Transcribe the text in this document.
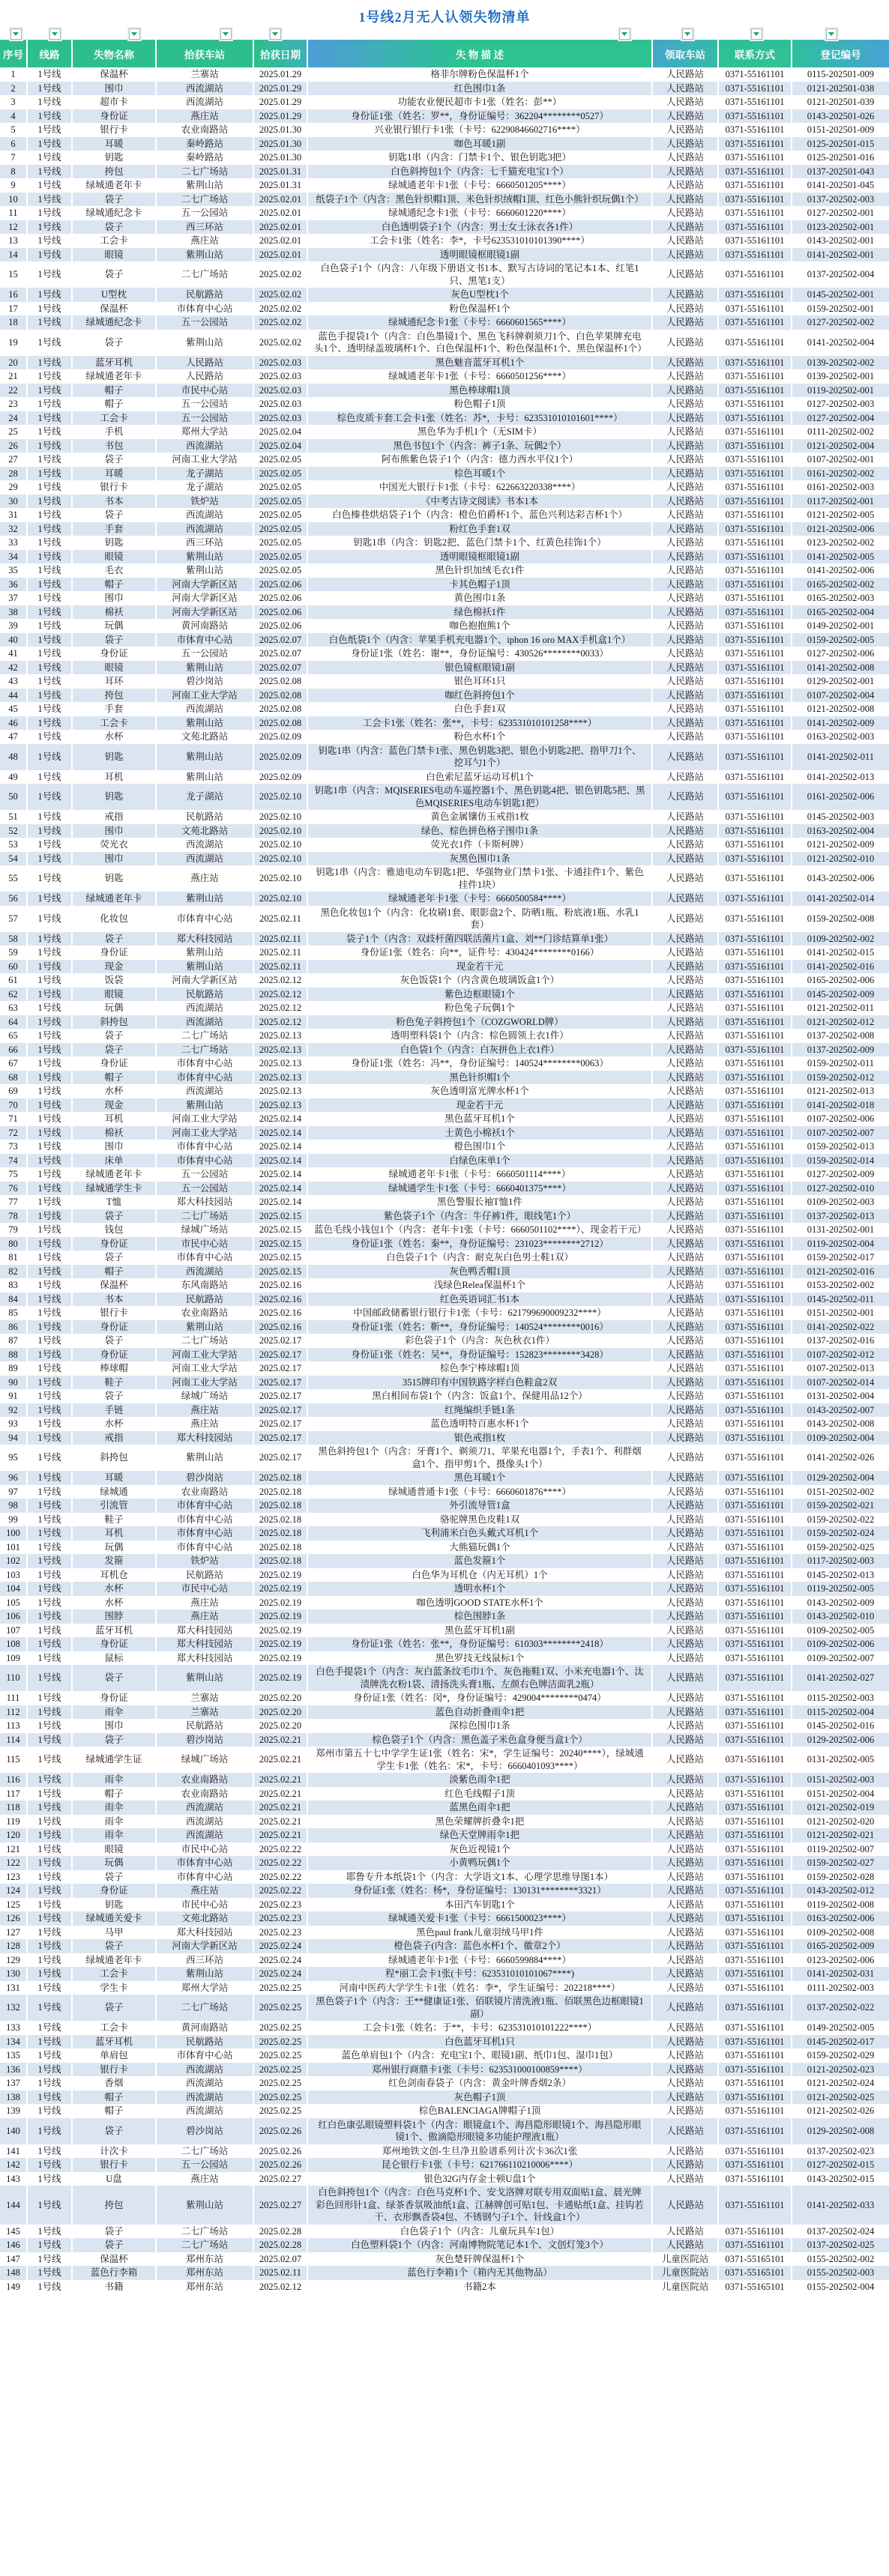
1号线2月无人认领失物清单
序号	线路	失物名称	拾获车站	拾获日期	失 物 描 述	领取车站	联系方式	登记编号
1	1号线	保温杯	兰寨站	2025.01.29	格非尔牌粉色保温杯1个	人民路站	0371-55161101	0115-202501-009
2	1号线	围巾	西流湖站	2025.01.29	红色围巾1条	人民路站	0371-55161101	0121-202501-038
3	1号线	超市卡	西流湖站	2025.01.29	功能农业便民超市卡1张（姓名：彭**）	人民路站	0371-55161101	0121-202501-039
4	1号线	身份证	燕庄站	2025.01.29	身份证1张（姓名：罗**，身份证编号：362204********0527）	人民路站	0371-55161101	0143-202501-026
5	1号线	银行卡	农业南路站	2025.01.30	兴业银行银行卡1张（卡号：62290846602716****）	人民路站	0371-55161101	0151-202501-009
6	1号线	耳暖	秦岭路站	2025.01.30	咖色耳暖1副	人民路站	0371-55161101	0125-202501-015
7	1号线	钥匙	秦岭路站	2025.01.30	钥匙1串（内含：门禁卡1个、银色钥匙3把）	人民路站	0371-55161101	0125-202501-016
8	1号线	挎包	二七广场站	2025.01.31	白色斜挎包1个（内含：七千猫充电宝1个）	人民路站	0371-55161101	0137-202501-043
9	1号线	绿城通老年卡	紫荆山站	2025.01.31	绿城通老年卡1张（卡号：6660501205****）	人民路站	0371-55161101	0141-202501-045
10	1号线	袋子	二七广场站	2025.02.01	纸袋子1个（内含：黑色针织帽1顶、米色针织绒帽1顶、红色小熊针织玩偶1个）	人民路站	0371-55161101	0137-202502-003
11	1号线	绿城通纪念卡	五一公园站	2025.02.01	绿城通纪念卡1张（卡号：6660601220****）	人民路站	0371-55161101	0127-202502-001
12	1号线	袋子	西三环站	2025.02.01	白色透明袋子1个（内含：男士女士泳衣各1件）	人民路站	0371-55161101	0123-202502-001
13	1号线	工会卡	燕庄站	2025.02.01	工会卡1张（姓名：李*，卡号623531010101390****）	人民路站	0371-55161101	0143-202502-001
14	1号线	眼镜	紫荆山站	2025.02.01	透明眼镜框眼镜1副	人民路站	0371-55161101	0141-202502-001
15	1号线	袋子	二七广场站	2025.02.02	白色袋子1个（内含：八年级下册语文书1本、默写古诗词的笔记本1本、红笔1只、黑笔1支）	人民路站	0371-55161101	0137-202502-004
16	1号线	U型枕	民航路站	2025.02.02	灰色U型枕1个	人民路站	0371-55161101	0145-202502-001
17	1号线	保温杯	市体育中心站	2025.02.02	粉色保温杯1个	人民路站	0371-55161101	0159-202502-001
18	1号线	绿城通纪念卡	五一公园站	2025.02.02	绿城通纪念卡1张（卡号：6660601565****）	人民路站	0371-55161101	0127-202502-002
19	1号线	袋子	紫荆山站	2025.02.02	蓝色手提袋1个（内含：白色墨镜1个、黑色飞科牌剃须刀1个、白色苹果牌充电头1个、透明绿盖玻璃杯1个、白色保温杯1个、粉色保温杯1个、黑色保温杯1个）	人民路站	0371-55161101	0141-202502-004
20	1号线	蓝牙耳机	人民路站	2025.02.03	黑色魅音蓝牙耳机1个	人民路站	0371-55161101	0139-202502-002
21	1号线	绿城通老年卡	人民路站	2025.02.03	绿城通老年卡1张（卡号：6660501256****）	人民路站	0371-55161101	0139-202502-001
22	1号线	帽子	市民中心站	2025.02.03	黑色棒球帽1顶	人民路站	0371-55161101	0119-202502-001
23	1号线	帽子	五一公园站	2025.02.03	粉色帽子1顶	人民路站	0371-55161101	0127-202502-003
24	1号线	工会卡	五一公园站	2025.02.03	棕色皮质卡套工会卡1张（姓名：苏*，卡号：623531010101601****）	人民路站	0371-55161101	0127-202502-004
25	1号线	手机	郑州大学站	2025.02.04	黑色华为手机1个（无SIM卡）	人民路站	0371-55161101	0111-202502-002
26	1号线	书包	西流湖站	2025.02.04	黑色书包1个（内含：裤子1条、玩偶2个）	人民路站	0371-55161101	0121-202502-004
27	1号线	袋子	河南工业大学站	2025.02.05	阿布熊紫色袋子1个（内含：德力西水平仪1个）	人民路站	0371-55161101	0107-202502-001
28	1号线	耳暖	龙子湖站	2025.02.05	棕色耳暖1个	人民路站	0371-55161101	0161-202502-002
29	1号线	银行卡	龙子湖站	2025.02.05	中国光大银行卡1张（卡号：622663220338****）	人民路站	0371-55161101	0161-202502-003
30	1号线	书本	铁炉站	2025.02.05	《中考古诗文阅读》书本1本	人民路站	0371-55161101	0117-202502-001
31	1号线	袋子	西流湖站	2025.02.05	白色榛巷烘焙袋子1个（内含：橙色伯爵杯1个、蓝色兴利达彩吉杯1个）	人民路站	0371-55161101	0121-202502-005
32	1号线	手套	西流湖站	2025.02.05	粉红色手套1双	人民路站	0371-55161101	0121-202502-006
33	1号线	钥匙	西三环站	2025.02.05	钥匙1串（内含：钥匙2把、蓝色门禁卡1个、红黄色挂饰1个）	人民路站	0371-55161101	0123-202502-002
34	1号线	眼镜	紫荆山站	2025.02.05	透明眼镜框眼镜1副	人民路站	0371-55161101	0141-202502-005
35	1号线	毛衣	紫荆山站	2025.02.05	黑色针织加绒毛衣1件	人民路站	0371-55161101	0141-202502-006
36	1号线	帽子	河南大学新区站	2025.02.06	卡其色帽子1顶	人民路站	0371-55161101	0165-202502-002
37	1号线	围巾	河南大学新区站	2025.02.06	黄色围巾1条	人民路站	0371-55161101	0165-202502-003
38	1号线	棉袄	河南大学新区站	2025.02.06	绿色棉袄1件	人民路站	0371-55161101	0165-202502-004
39	1号线	玩偶	黄河南路站	2025.02.06	咖色抱抱熊1个	人民路站	0371-55161101	0149-202502-001
40	1号线	袋子	市体育中心站	2025.02.07	白色纸袋1个（内含：苹果手机充电器1个、iphon 16 oro MAX手机盒1个）	人民路站	0371-55161101	0159-202502-005
41	1号线	身份证	五一公园站	2025.02.07	身份证1张（姓名：谢**，身份证编号：430526********0033）	人民路站	0371-55161101	0127-202502-006
42	1号线	眼镜	紫荆山站	2025.02.07	银色镜框眼镜1副	人民路站	0371-55161101	0141-202502-008
43	1号线	耳环	碧沙岗站	2025.02.08	银色耳环1只	人民路站	0371-55161101	0129-202502-001
44	1号线	挎包	河南工业大学站	2025.02.08	咖红色斜挎包1个	人民路站	0371-55161101	0107-202502-004
45	1号线	手套	西流湖站	2025.02.08	白色手套1双	人民路站	0371-55161101	0121-202502-008
46	1号线	工会卡	紫荆山站	2025.02.08	工会卡1张（姓名：张**，卡号：623531010101258****）	人民路站	0371-55161101	0141-202502-009
47	1号线	水杯	文苑北路站	2025.02.09	粉色水杯1个	人民路站	0371-55161101	0163-202502-003
48	1号线	钥匙	紫荆山站	2025.02.09	钥匙1串（内含：蓝色门禁卡1张、黑色钥匙3把、银色小钥匙2把、指甲刀1个、挖耳勺1个）	人民路站	0371-55161101	0141-202502-011
49	1号线	耳机	紫荆山站	2025.02.09	白色索尼蓝牙运动耳机1个	人民路站	0371-55161101	0141-202502-013
50	1号线	钥匙	龙子湖站	2025.02.10	钥匙1串（内含：MQISERIES电动车遥控器1个、黑色钥匙4把、银色钥匙5把、黑色MQISERIES电动车钥匙1把）	人民路站	0371-55161101	0161-202502-006
51	1号线	戒指	民航路站	2025.02.10	黄色金属镶仿玉戒指1枚	人民路站	0371-55161101	0145-202502-003
52	1号线	围巾	文苑北路站	2025.02.10	绿色、棕色拼色格子围巾1条	人民路站	0371-55161101	0163-202502-004
53	1号线	荧光衣	西流湖站	2025.02.10	荧光衣1件（卡斯柯牌）	人民路站	0371-55161101	0121-202502-009
54	1号线	围巾	西流湖站	2025.02.10	灰黑色围巾1条	人民路站	0371-55161101	0121-202502-010
55	1号线	钥匙	燕庄站	2025.02.10	钥匙1串（内含：雅迪电动车钥匙1把、华强物业门禁卡1张、卡通挂件1个、紫色挂件1块）	人民路站	0371-55161101	0143-202502-006
56	1号线	绿城通老年卡	紫荆山站	2025.02.10	绿城通老年卡1张（卡号：6660500584****）	人民路站	0371-55161101	0141-202502-014
57	1号线	化妆包	市体育中心站	2025.02.11	黑色化妆包1个（内含：化妆刷1套、眼影盘2个、防晒1瓶、粉底液1瓶、水乳1套）	人民路站	0371-55161101	0159-202502-008
58	1号线	袋子	郑大科技园站	2025.02.11	袋子1个（内含：双歧杆菌四联活菌片1盒、刘**门诊结算单1张）	人民路站	0371-55161101	0109-202502-002
59	1号线	身份证	紫荆山站	2025.02.11	身份证1张（姓名：向**，证件号：430424********0166）	人民路站	0371-55161101	0141-202502-015
60	1号线	现金	紫荆山站	2025.02.11	现金若干元	人民路站	0371-55161101	0141-202502-016
61	1号线	饭袋	河南大学新区站	2025.02.12	灰色饭袋1个（内含黄色玻璃饭盒1个）	人民路站	0371-55161101	0165-202502-006
62	1号线	眼镜	民航路站	2025.02.12	紫色边框眼镜1个	人民路站	0371-55161101	0145-202502-009
63	1号线	玩偶	西流湖站	2025.02.12	粉色兔子玩偶1个	人民路站	0371-55161101	0121-202502-011
64	1号线	斜挎包	西流湖站	2025.02.12	粉色兔子斜挎包1个（COZGWORLD牌）	人民路站	0371-55161101	0121-202502-012
65	1号线	袋子	二七广场站	2025.02.13	透明塑料袋1个（内含：棕色圆领上衣1件）	人民路站	0371-55161101	0137-202502-008
66	1号线	袋子	二七广场站	2025.02.13	白色袋1个（内含：白灰拼色上衣1件）	人民路站	0371-55161101	0137-202502-009
67	1号线	身份证	市体育中心站	2025.02.13	身份证1张（姓名：冯**，身份证编号：140524********0063）	人民路站	0371-55161101	0159-202502-011
68	1号线	帽子	市体育中心站	2025.02.13	黑色针织帽1个	人民路站	0371-55161101	0159-202502-012
69	1号线	水杯	西流湖站	2025.02.13	灰色透明富光牌水杯1个	人民路站	0371-55161101	0121-202502-013
70	1号线	现金	紫荆山站	2025.02.13	现金若干元	人民路站	0371-55161101	0141-202502-018
71	1号线	耳机	河南工业大学站	2025.02.14	黑色蓝牙耳机1个	人民路站	0371-55161101	0107-202502-006
72	1号线	棉袄	河南工业大学站	2025.02.14	土黄色小棉袄1个	人民路站	0371-55161101	0107-202502-007
73	1号线	围巾	市体育中心站	2025.02.14	橙色围巾1个	人民路站	0371-55161101	0159-202502-013
74	1号线	床单	市体育中心站	2025.02.14	白绿色床单1个	人民路站	0371-55161101	0159-202502-014
75	1号线	绿城通老年卡	五一公园站	2025.02.14	绿城通老年卡1张（卡号：6660501114****）	人民路站	0371-55161101	0127-202502-009
76	1号线	绿城通学生卡	五一公园站	2025.02.14	绿城通学生卡1张（卡号：6660401375****）	人民路站	0371-55161101	0127-202502-010
77	1号线	T恤	郑大科技园站	2025.02.14	黑色警服长袖T恤1件	人民路站	0371-55161101	0109-202502-003
78	1号线	袋子	二七广场站	2025.02.15	紫色袋子1个（内含：牛仔裤1件，眼线笔1个）	人民路站	0371-55161101	0137-202502-013
79	1号线	钱包	绿城广场站	2025.02.15	蓝色毛线小钱包1个（内含：老年卡1张（卡号：6660501102****）、现金若干元）	人民路站	0371-55161101	0131-202502-001
80	1号线	身份证	市民中心站	2025.02.15	身份证1张（姓名：秦**，身份证编号：231023********2712）	人民路站	0371-55161101	0119-202502-004
81	1号线	袋子	市体育中心站	2025.02.15	白色袋子1个（内含：耐克灰白色男士鞋1双）	人民路站	0371-55161101	0159-202502-017
82	1号线	帽子	西流湖站	2025.02.15	灰色鸭舌帽1顶	人民路站	0371-55161101	0121-202502-016
83	1号线	保温杯	东风南路站	2025.02.16	浅绿色Relea保温杯1个	人民路站	0371-55161101	0153-202502-002
84	1号线	书本	民航路站	2025.02.16	红色英语词汇书1本	人民路站	0371-55161101	0145-202502-011
85	1号线	银行卡	农业南路站	2025.02.16	中国邮政储蓄银行银行卡1张（卡号：621799690009232****）	人民路站	0371-55161101	0151-202502-001
86	1号线	身份证	紫荆山站	2025.02.16	身份证1张（姓名：靳**，身份证编号：140524********0016）	人民路站	0371-55161101	0141-202502-022
87	1号线	袋子	二七广场站	2025.02.17	彩色袋子1个（内含：灰色秋衣1件）	人民路站	0371-55161101	0137-202502-016
88	1号线	身份证	河南工业大学站	2025.02.17	身份证1张（姓名：吴**，身份证编号：152823********3428）	人民路站	0371-55161101	0107-202502-012
89	1号线	棒球帽	河南工业大学站	2025.02.17	棕色李宁棒球帽1顶	人民路站	0371-55161101	0107-202502-013
90	1号线	鞋子	河南工业大学站	2025.02.17	3515牌印有中国铁路字样白色鞋盒2双	人民路站	0371-55161101	0107-202502-014
91	1号线	袋子	绿城广场站	2025.02.17	黑白相间布袋1个（内含：饭盒1个、保健用品12个）	人民路站	0371-55161101	0131-202502-004
92	1号线	手链	燕庄站	2025.02.17	红绳编织手链1条	人民路站	0371-55161101	0143-202502-007
93	1号线	水杯	燕庄站	2025.02.17	蓝色透明特百惠水杯1个	人民路站	0371-55161101	0143-202502-008
94	1号线	戒指	郑大科技园站	2025.02.17	银色戒指1枚	人民路站	0371-55161101	0109-202502-004
95	1号线	斜挎包	紫荆山站	2025.02.17	黑色斜挎包1个（内含：牙膏1个、剃须刀1、苹果充电器1个，手表1个、利群烟盒1个、指甲剪1个、摄像头1个）	人民路站	0371-55161101	0141-202502-026
96	1号线	耳暖	碧沙岗站	2025.02.18	黑色耳暖1个	人民路站	0371-55161101	0129-202502-004
97	1号线	绿城通	农业南路站	2025.02.18	绿城通普通卡1张（卡号：6660601876****）	人民路站	0371-55161101	0151-202502-002
98	1号线	引流管	市体育中心站	2025.02.18	外引流导管1盒	人民路站	0371-55161101	0159-202502-021
99	1号线	鞋子	市体育中心站	2025.02.18	骆驼牌黑色皮鞋1双	人民路站	0371-55161101	0159-202502-022
100	1号线	耳机	市体育中心站	2025.02.18	飞利浦米白色头戴式耳机1个	人民路站	0371-55161101	0159-202502-024
101	1号线	玩偶	市体育中心站	2025.02.18	大熊猫玩偶1个	人民路站	0371-55161101	0159-202502-025
102	1号线	发箍	铁炉站	2025.02.18	蓝色发箍1个	人民路站	0371-55161101	0117-202502-003
103	1号线	耳机仓	民航路站	2025.02.19	白色华为耳机仓（内无耳机）1个	人民路站	0371-55161101	0145-202502-013
104	1号线	水杯	市民中心站	2025.02.19	透明水杯1个	人民路站	0371-55161101	0119-202502-005
105	1号线	水杯	燕庄站	2025.02.19	咖色透明GOOD STATE水杯1个	人民路站	0371-55161101	0143-202502-009
106	1号线	围脖	燕庄站	2025.02.19	棕色围脖1条	人民路站	0371-55161101	0143-202502-010
107	1号线	蓝牙耳机	郑大科技园站	2025.02.19	黑色蓝牙耳机1副	人民路站	0371-55161101	0109-202502-005
108	1号线	身份证	郑大科技园站	2025.02.19	身份证1张（姓名：张**，身份证编号：610303********2418）	人民路站	0371-55161101	0109-202502-006
109	1号线	鼠标	郑大科技园站	2025.02.19	黑色罗技无线鼠标1个	人民路站	0371-55161101	0109-202502-007
110	1号线	袋子	紫荆山站	2025.02.19	白色手提袋1个（内含：灰白蓝条纹毛巾1个、灰色拖鞋1双、小米充电器1个、汰渍牌洗衣粉1袋、清扬洗头膏1瓶、左颜右色牌洁面乳2瓶）	人民路站	0371-55161101	0141-202502-027
111	1号线	身份证	兰寨站	2025.02.20	身份证1张（姓名：闵*，身份证编号：429004********0474）	人民路站	0371-55161101	0115-202502-003
112	1号线	雨伞	兰寨站	2025.02.20	蓝色自动折叠雨伞1把	人民路站	0371-55161101	0115-202502-004
113	1号线	围巾	民航路站	2025.02.20	深棕色围巾1条	人民路站	0371-55161101	0145-202502-016
114	1号线	袋子	碧沙岗站	2025.02.21	棕色袋子1个（内含：黑色盖子米色盒身便当盒1个）	人民路站	0371-55161101	0129-202502-006
115	1号线	绿城通学生证	绿城广场站	2025.02.21	郑州市第五十七中学学生证1张（姓名：宋*，学生证编号：20240****），绿城通学生卡1张（姓名：宋*，卡号：6660401093****）	人民路站	0371-55161101	0131-202502-005
116	1号线	雨伞	农业南路站	2025.02.21	淡紫色雨伞1把	人民路站	0371-55161101	0151-202502-003
117	1号线	帽子	农业南路站	2025.02.21	红色毛线帽子1顶	人民路站	0371-55161101	0151-202502-004
118	1号线	雨伞	西流湖站	2025.02.21	蓝黑色雨伞1把	人民路站	0371-55161101	0121-202502-019
119	1号线	雨伞	西流湖站	2025.02.21	黑色荣耀牌折叠伞1把	人民路站	0371-55161101	0121-202502-020
120	1号线	雨伞	西流湖站	2025.02.21	绿色天堂牌雨伞1把	人民路站	0371-55161101	0121-202502-021
121	1号线	眼镜	市民中心站	2025.02.22	灰色近视镜1个	人民路站	0371-55161101	0119-202502-007
122	1号线	玩偶	市体育中心站	2025.02.22	小黄鸭玩偶1个	人民路站	0371-55161101	0159-202502-027
123	1号线	袋子	市体育中心站	2025.02.22	耶鲁专升本纸袋1个（内含：大学语文1本、心理学思维导图1本）	人民路站	0371-55161101	0159-202502-028
124	1号线	身份证	燕庄站	2025.02.22	身份证1张（姓名：杨*，身份证编号：130131********3321）	人民路站	0371-55161101	0143-202502-012
125	1号线	钥匙	市民中心站	2025.02.23	本田汽车钥匙1个	人民路站	0371-55161101	0119-202502-008
126	1号线	绿城通关爱卡	文苑北路站	2025.02.23	绿城通关爱卡1张（卡号：6661500023****）	人民路站	0371-55161101	0163-202502-006
127	1号线	马甲	郑大科技园站	2025.02.23	黑色paul frank儿童羽绒马甲1件	人民路站	0371-55161101	0109-202502-008
128	1号线	袋子	河南大学新区站	2025.02.24	橙色袋子(内含：蓝色水杯1个、徽章2个）	人民路站	0371-55161101	0165-202502-009
129	1号线	绿城通老年卡	西三环站	2025.02.24	绿城通老年卡1张（卡号：6660599884****）	人民路站	0371-55161101	0123-202502-006
130	1号线	工会卡	紫荆山站	2025.02.24	程*丽工会卡1张(卡号：623531010101067****)	人民路站	0371-55161101	0141-202502-031
131	1号线	学生卡	郑州大学站	2025.02.25	河南中医药大学学生卡1张（姓名：李*，学生证编号：202218****）	人民路站	0371-55161101	0111-202502-003
132	1号线	袋子	二七广场站	2025.02.25	黑色袋子1个（内含：王**健康证1张、佰联镜片清洗液1瓶、佰联黑色边框眼镜1副）	人民路站	0371-55161101	0137-202502-022
133	1号线	工会卡	黄河南路站	2025.02.25	工会卡1张（姓名：于**，卡号：623531010101222****）	人民路站	0371-55161101	0149-202502-005
134	1号线	蓝牙耳机	民航路站	2025.02.25	白色蓝牙耳机1只	人民路站	0371-55161101	0145-202502-017
135	1号线	单肩包	市体育中心站	2025.02.25	蓝色单肩包1个（内含：充电宝1个、眼镜1副、纸巾1包、湿巾1包）	人民路站	0371-55161101	0159-202502-029
136	1号线	银行卡	西流湖站	2025.02.25	郑州银行商鼎卡1张（卡号：623531000100859****）	人民路站	0371-55161101	0121-202502-023
137	1号线	香烟	西流湖站	2025.02.25	红色剑南春袋子（内含：黄金叶牌香烟2条）	人民路站	0371-55161101	0121-202502-024
138	1号线	帽子	西流湖站	2025.02.25	灰色帽子1顶	人民路站	0371-55161101	0121-202502-025
139	1号线	帽子	西流湖站	2025.02.25	棕色BALENCIAGA牌帽子1顶	人民路站	0371-55161101	0121-202502-026
140	1号线	袋子	碧沙岗站	2025.02.26	红白色康弘眼镜塑料袋1个（内含：眼镜盒1个、海昌隐形眼镜1个、海昌隐形眼镜1个、傲滴隐形眼镜多功能护理液1瓶）	人民路站	0371-55161101	0129-202502-008
141	1号线	计次卡	二七广场站	2025.02.26	郑州地铁文创-生旦净丑脸谱系列计次卡36次1张	人民路站	0371-55161101	0137-202502-023
142	1号线	银行卡	五一公园站	2025.02.26	昆仑银行卡1张（卡号：621766110210006****）	人民路站	0371-55161101	0127-202502-015
143	1号线	U盘	燕庄站	2025.02.27	银色32G内存金士顿U盘1个	人民路站	0371-55161101	0143-202502-015
144	1号线	挎包	紫荆山站	2025.02.27	白色斜挎包1个（内含：白色马克杯1个、安戈洛牌对联专用双面贴1盒、晨光牌彩色回形针1盒、绿茶香氛吸油纸1盒、江赫牌创可贴1包、卡通贴纸1盒、挂钩若干、衣形飘香袋4包、不锈钢勺子1个、针线盒1个）	人民路站	0371-55161101	0141-202502-033
145	1号线	袋子	二七广场站	2025.02.28	白色袋子1个（内含：儿童玩具车1包）	人民路站	0371-55161101	0137-202502-024
146	1号线	袋子	二七广场站	2025.02.28	白色塑料袋1个（内含：河南博物院笔记本1个、文创灯笼3个）	人民路站	0371-55161101	0137-202502-025
147	1号线	保温杯	郑州东站	2025.02.07	灰色楚轩牌保温杯1个	儿童医院站	0371-55165101	0155-202502-002
148	1号线	蓝色行李箱	郑州东站	2025.02.11	蓝色行李箱1个（箱内无其他物品）	儿童医院站	0371-55165101	0155-202502-003
149	1号线	书籍	郑州东站	2025.02.12	书籍2本	儿童医院站	0371-55165101	0155-202502-004
